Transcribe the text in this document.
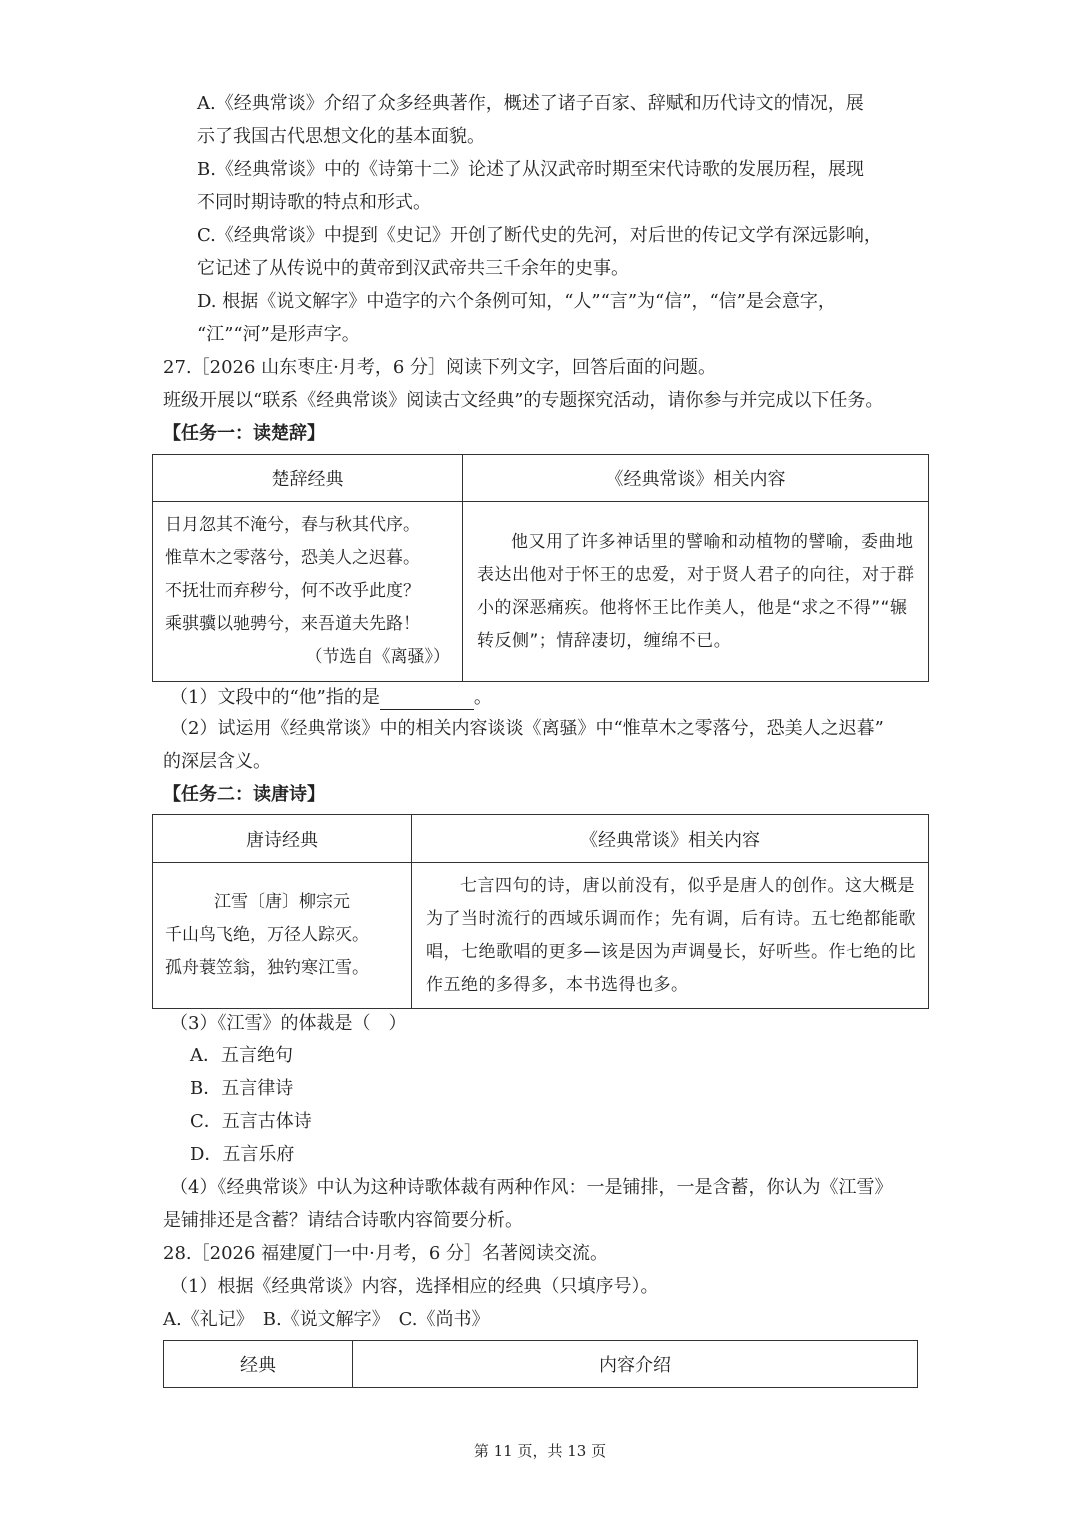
A.《经典常谈》介绍了众多经典著作，概述了诸子百家、辞赋和历代诗文的情况，展
示了我国古代思想文化的基本面貌。
B.《经典常谈》中的《诗第十二》论述了从汉武帝时期至宋代诗歌的发展历程，展现
不同时期诗歌的特点和形式。
C.《经典常谈》中提到《史记》开创了断代史的先河，对后世的传记文学有深远影响，
它记述了从传说中的黄帝到汉武帝共三千余年的史事。
D. 根据《说文解字》中造字的六个条例可知，“人”“言”为“信”，“信”是会意字，
“江”“河”是形声字。
27.［2026 山东枣庄·月考，6 分］阅读下列文字，回答后面的问题。
班级开展以“联系《经典常谈》阅读古文经典”的专题探究活动，请你参与并完成以下任务。
【任务一：读楚辞】
楚辞经典	《经典常谈》相关内容

日月忽其不淹兮，春与秋其代序。
惟草木之零落兮，恐美人之迟暮。
不抚壮而弃秽兮，何不改乎此度？
乘骐骥以驰骋兮，来吾道夫先路！
（节选自《离骚》）	他又用了许多神话里的譬喻和动植物的譬喻，委曲地表达出他对于怀王的忠爱，对于贤人君子的向往，对于群小的深恶痛疾。他将怀王比作美人，他是“求之不得”“辗转反侧”；情辞凄切，缠绵不已。
（1）文段中的“他”指的是	。
（2）试运用《经典常谈》中的相关内容谈谈《离骚》中“惟草木之零落兮，恐美人之迟暮”
的深层含义。
【任务二：读唐诗】
唐诗经典	《经典常谈》相关内容

江雪〔唐〕柳宗元
千山鸟飞绝，万径人踪灭。
孤舟蓑笠翁，独钓寒江雪。	七言四句的诗，唐以前没有，似乎是唐人的创作。这大概是为了当时流行的西域乐调而作；先有调，后有诗。五七绝都能歌唱，七绝歌唱的更多—该是因为声调曼长，好听些。作七绝的比作五绝的多得多，本书选得也多。
（3）《江雪》的体裁是（　）
A．五言绝句
B．五言律诗
C．五言古体诗
D．五言乐府
（4）《经典常谈》中认为这种诗歌体裁有两种作风：一是铺排，一是含蓄，你认为《江雪》
是铺排还是含蓄？请结合诗歌内容简要分析。
28.［2026 福建厦门一中·月考，6 分］名著阅读交流。
（1）根据《经典常谈》内容，选择相应的经典（只填序号）。
A.《礼记》　B.《说文解字》　C.《尚书》
经典	内容介绍
第 11 页，共 13 页
